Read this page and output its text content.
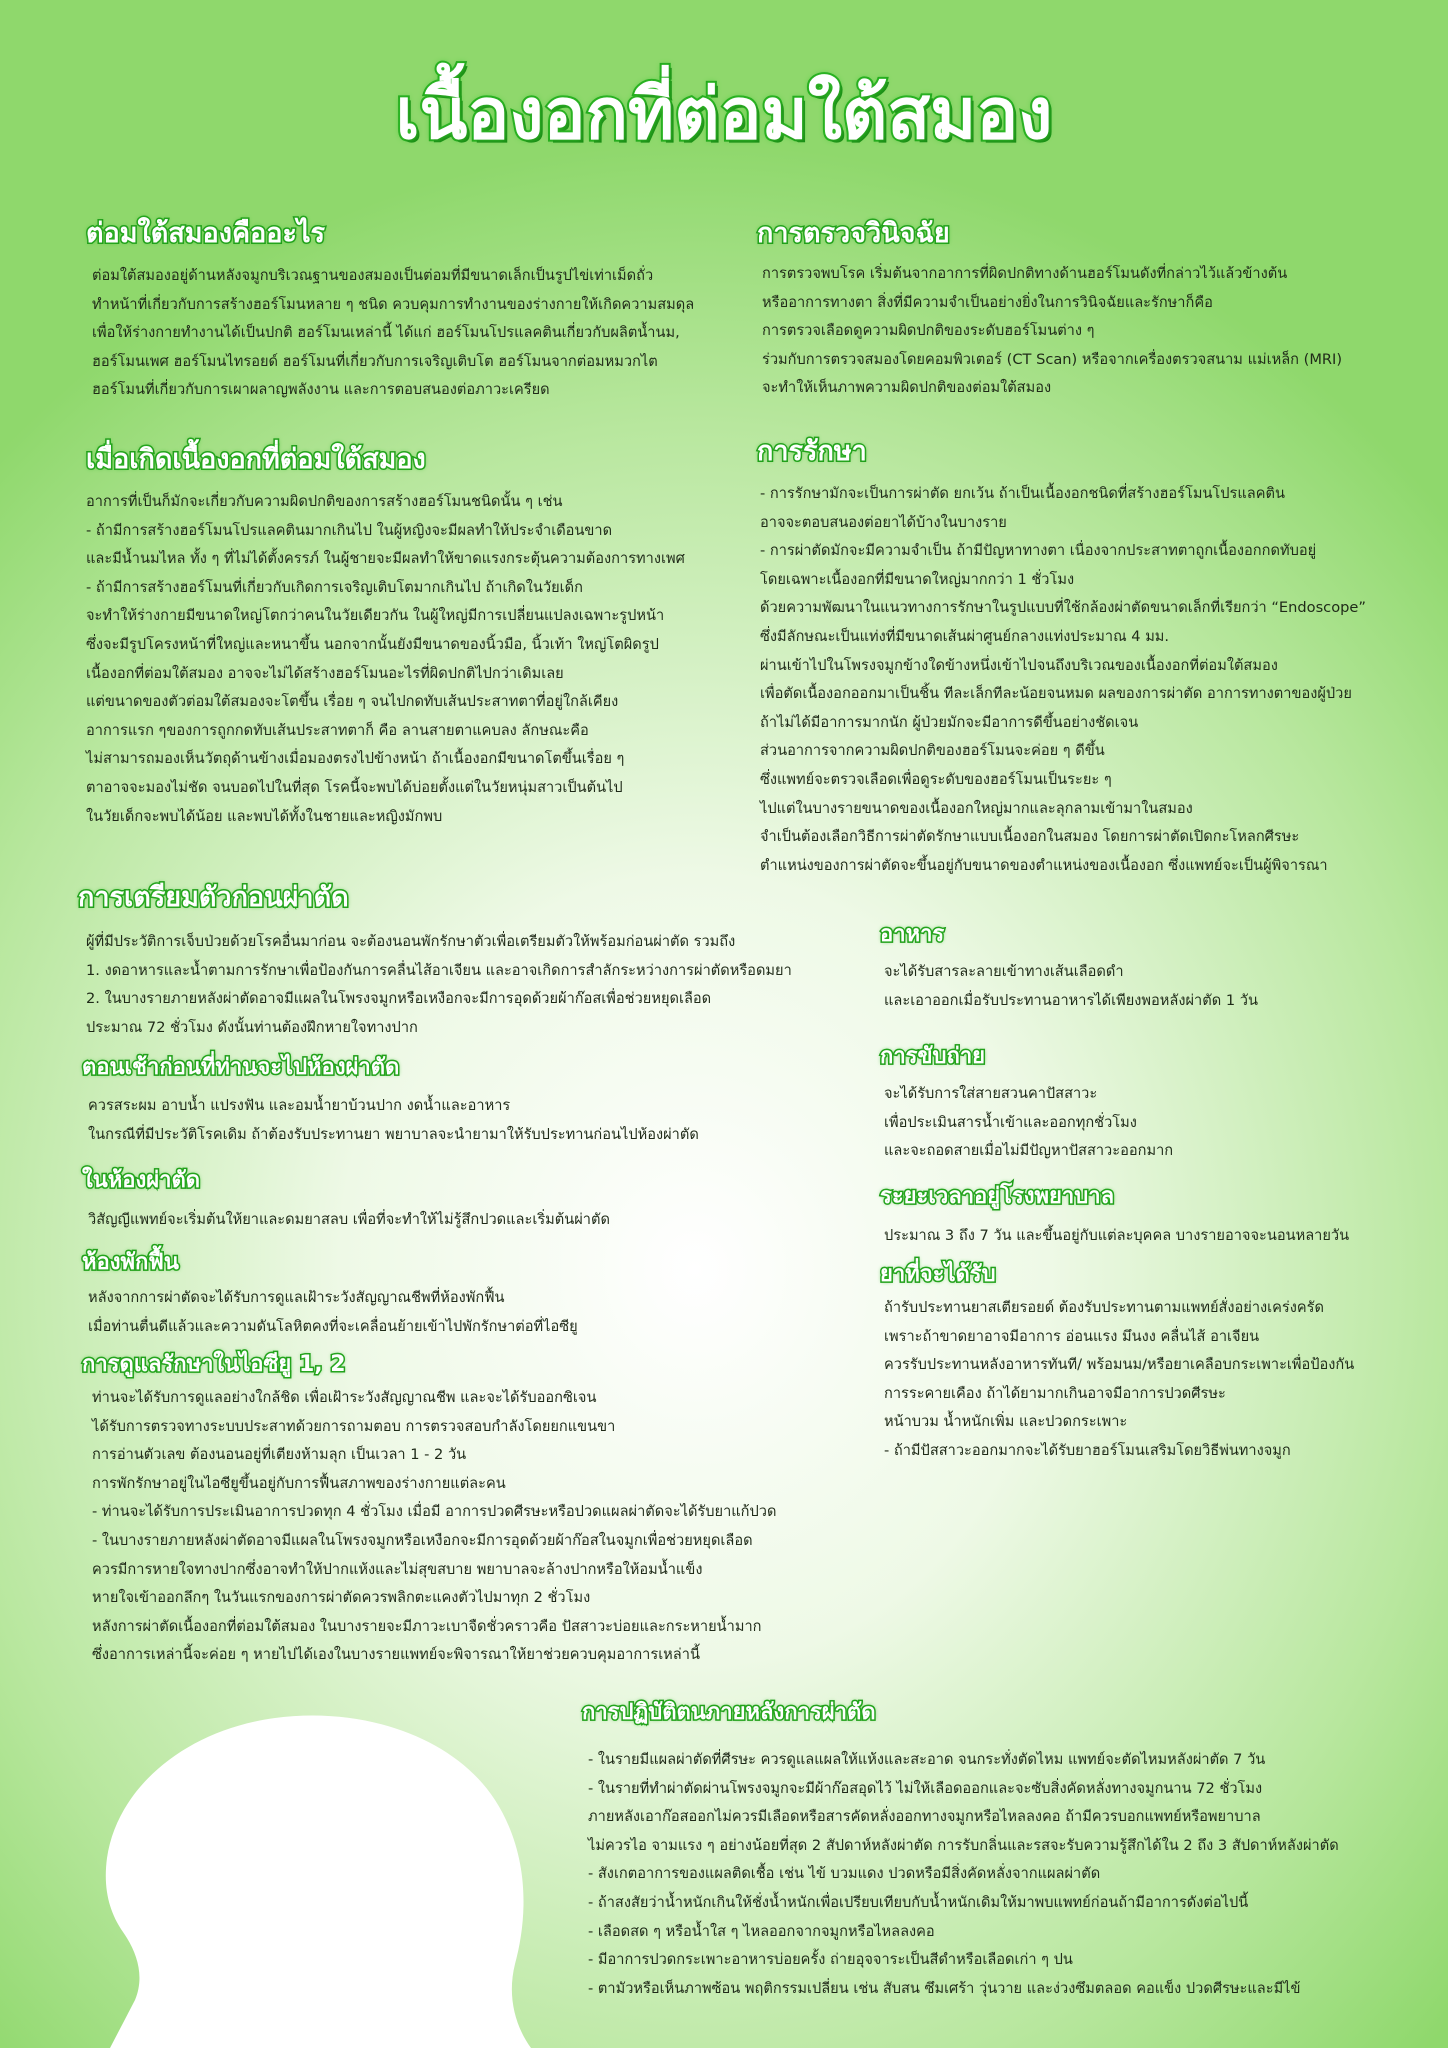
เนื้องอกที่ต่อมใต้สมอง
ต่อมใต้สมองคืออะไร
ต่อมใต้สมองอยู่ด้านหลังจมูกบริเวณฐานของสมองเป็นต่อมที่มีขนาดเล็กเป็นรูปไข่เท่าเม็ดถั่ว
ทำหน้าที่เกี่ยวกับการสร้างฮอร์โมนหลาย ๆ ชนิด ควบคุมการทำงานของร่างกายให้เกิดความสมดุล
เพื่อให้ร่างกายทำงานได้เป็นปกติ ฮอร์โมนเหล่านี้ ได้แก่ ฮอร์โมนโปรแลคตินเกี่ยวกับผลิตน้ำนม,
ฮอร์โมนเพศ ฮอร์โมนไทรอยด์ ฮอร์โมนที่เกี่ยวกับการเจริญเติบโต ฮอร์โมนจากต่อมหมวกไต
ฮอร์โมนที่เกี่ยวกับการเผาผลาญพลังงาน และการตอบสนองต่อภาวะเครียด
เมื่อเกิดเนื้องอกที่ต่อมใต้สมอง
อาการที่เป็นก็มักจะเกี่ยวกับความผิดปกติของการสร้างฮอร์โมนชนิดนั้น ๆ เช่น
- ถ้ามีการสร้างฮอร์โมนโปรแลคตินมากเกินไป ในผู้หญิงจะมีผลทำให้ประจำเดือนขาด
และมีน้ำนมไหล ทั้ง ๆ ที่ไม่ได้ตั้งครรภ์ ในผู้ชายจะมีผลทำให้ขาดแรงกระตุ้นความต้องการทางเพศ
- ถ้ามีการสร้างฮอร์โมนที่เกี่ยวกับเกิดการเจริญเติบโตมากเกินไป ถ้าเกิดในวัยเด็ก
จะทำให้ร่างกายมีขนาดใหญ่โตกว่าคนในวัยเดียวกัน ในผู้ใหญ่มีการเปลี่ยนแปลงเฉพาะรูปหน้า
ซึ่งจะมีรูปโครงหน้าที่ใหญ่และหนาขึ้น นอกจากนั้นยังมีขนาดของนิ้วมือ, นิ้วเท้า ใหญ่โตผิดรูป
เนื้องอกที่ต่อมใต้สมอง อาจจะไม่ได้สร้างฮอร์โมนอะไรที่ผิดปกติไปกว่าเดิมเลย
แต่ขนาดของตัวต่อมใต้สมองจะโตขึ้น เรื่อย ๆ จนไปกดทับเส้นประสาทตาที่อยู่ใกล้เคียง
อาการแรก ๆของการถูกกดทับเส้นประสาทตาก็ คือ ลานสายตาแคบลง ลักษณะคือ
ไม่สามารถมองเห็นวัตถุด้านข้างเมื่อมองตรงไปข้างหน้า ถ้าเนื้องอกมีขนาดโตขึ้นเรื่อย ๆ
ตาอาจจะมองไม่ชัด จนบอดไปในที่สุด โรคนี้จะพบได้บ่อยตั้งแต่ในวัยหนุ่มสาวเป็นต้นไป
ในวัยเด็กจะพบได้น้อย และพบได้ทั้งในชายและหญิงมักพบ
การตรวจวินิจฉัย
การตรวจพบโรค เริ่มต้นจากอาการที่ผิดปกติทางด้านฮอร์โมนดังที่กล่าวไว้แล้วข้างต้น
หรืออาการทางตา สิ่งที่มีความจำเป็นอย่างยิ่งในการวินิจฉัยและรักษาก็คือ
การตรวจเลือดดูความผิดปกติของระดับฮอร์โมนต่าง ๆ
ร่วมกับการตรวจสมองโดยคอมพิวเตอร์ (CT Scan) หรือจากเครื่องตรวจสนาม แม่เหล็ก (MRI)
จะทำให้เห็นภาพความผิดปกติของต่อมใต้สมอง
การรักษา
- การรักษามักจะเป็นการผ่าตัด ยกเว้น ถ้าเป็นเนื้องอกชนิดที่สร้างฮอร์โมนโปรแลคติน
อาจจะตอบสนองต่อยาได้บ้างในบางราย
- การผ่าตัดมักจะมีความจำเป็น ถ้ามีปัญหาทางตา เนื่องจากประสาทตาถูกเนื้องอกกดทับอยู่
โดยเฉพาะเนื้องอกที่มีขนาดใหญ่มากกว่า 1 ชั่วโมง
ด้วยความพัฒนาในแนวทางการรักษาในรูปแบบที่ใช้กล้องผ่าตัดขนาดเล็กที่เรียกว่า “Endoscope”
ซึ่งมีลักษณะเป็นแท่งที่มีขนาดเส้นผ่าศูนย์กลางแท่งประมาณ 4 มม.
ผ่านเข้าไปในโพรงจมูกข้างใดข้างหนึ่งเข้าไปจนถึงบริเวณของเนื้องอกที่ต่อมใต้สมอง
เพื่อตัดเนื้องอกออกมาเป็นชิ้น ทีละเล็กทีละน้อยจนหมด ผลของการผ่าตัด อาการทางตาของผู้ป่วย
ถ้าไม่ได้มีอาการมากนัก ผู้ป่วยมักจะมีอาการดีขึ้นอย่างชัดเจน
ส่วนอาการจากความผิดปกติของฮอร์โมนจะค่อย ๆ ดีขึ้น
ซึ่งแพทย์จะตรวจเลือดเพื่อดูระดับของฮอร์โมนเป็นระยะ ๆ
ไปแต่ในบางรายขนาดของเนื้องอกใหญ่มากและลุกลามเข้ามาในสมอง
จำเป็นต้องเลือกวิธีการผ่าตัดรักษาแบบเนื้องอกในสมอง โดยการผ่าตัดเปิดกะโหลกศีรษะ
ตำแหน่งของการผ่าตัดจะขึ้นอยู่กับขนาดของตำแหน่งของเนื้องอก ซึ่งแพทย์จะเป็นผู้พิจารณา
การเตรียมตัวก่อนผ่าตัด
ผู้ที่มีประวัติการเจ็บป่วยด้วยโรคอื่นมาก่อน จะต้องนอนพักรักษาตัวเพื่อเตรียมตัวให้พร้อมก่อนผ่าตัด รวมถึง
1. งดอาหารและน้ำตามการรักษาเพื่อป้องกันการคลื่นไส้อาเจียน และอาจเกิดการสำลักระหว่างการผ่าตัดหรือดมยา
2. ในบางรายภายหลังผ่าตัดอาจมีแผลในโพรงจมูกหรือเหงือกจะมีการอุดด้วยผ้าก๊อสเพื่อช่วยหยุดเลือด
ประมาณ 72 ชั่วโมง ดังนั้นท่านต้องฝึกหายใจทางปาก
ตอนเช้าก่อนที่ท่านจะไปห้องผ่าตัด
ควรสระผม อาบน้ำ แปรงฟัน และอมน้ำยาบ้วนปาก งดน้ำและอาหาร
ในกรณีที่มีประวัติโรคเดิม ถ้าต้องรับประทานยา พยาบาลจะนำยามาให้รับประทานก่อนไปห้องผ่าตัด
ในห้องผ่าตัด
วิสัญญีแพทย์จะเริ่มต้นให้ยาและดมยาสลบ เพื่อที่จะทำให้ไม่รู้สึกปวดและเริ่มต้นผ่าตัด
ห้องพักฟื้น
หลังจากการผ่าตัดจะได้รับการดูแลเฝ้าระวังสัญญาณชีพที่ห้องพักฟื้น
เมื่อท่านตื่นดีแล้วและความดันโลหิตคงที่จะเคลื่อนย้ายเข้าไปพักรักษาต่อที่ไอซียู
การดูแลรักษาในไอซียู 1, 2
ท่านจะได้รับการดูแลอย่างใกล้ชิด เพื่อเฝ้าระวังสัญญาณชีพ และจะได้รับออกซิเจน
ได้รับการตรวจทางระบบประสาทด้วยการถามตอบ การตรวจสอบกำลังโดยยกแขนขา
การอ่านตัวเลข ต้องนอนอยู่ที่เตียงห้ามลุก เป็นเวลา 1 - 2 วัน
การพักรักษาอยู่ในไอซียูขึ้นอยู่กับการฟื้นสภาพของร่างกายแต่ละคน
- ท่านจะได้รับการประเมินอาการปวดทุก 4 ชั่วโมง เมื่อมี อาการปวดศีรษะหรือปวดแผลผ่าตัดจะได้รับยาแก้ปวด
- ในบางรายภายหลังผ่าตัดอาจมีแผลในโพรงจมูกหรือเหงือกจะมีการอุดด้วยผ้าก๊อสในจมูกเพื่อช่วยหยุดเลือด
ควรมีการหายใจทางปากซึ่งอาจทำให้ปากแห้งและไม่สุขสบาย พยาบาลจะล้างปากหรือให้อมน้ำแข็ง
หายใจเข้าออกลึกๆ ในวันแรกของการผ่าตัดควรพลิกตะแคงตัวไปมาทุก 2 ชั่วโมง
หลังการผ่าตัดเนื้องอกที่ต่อมใต้สมอง ในบางรายจะมีภาวะเบาจืดชั่วคราวคือ ปัสสาวะบ่อยและกระหายน้ำมาก
ซึ่งอาการเหล่านี้จะค่อย ๆ หายไปได้เองในบางรายแพทย์จะพิจารณาให้ยาช่วยควบคุมอาการเหล่านี้
อาหาร
จะได้รับสารละลายเข้าทางเส้นเลือดดำ
และเอาออกเมื่อรับประทานอาหารได้เพียงพอหลังผ่าตัด 1 วัน
การขับถ่าย
จะได้รับการใส่สายสวนคาปัสสาวะ
เพื่อประเมินสารน้ำเข้าและออกทุกชั่วโมง
และจะถอดสายเมื่อไม่มีปัญหาปัสสาวะออกมาก
ระยะเวลาอยู่โรงพยาบาล
ประมาณ 3 ถึง 7 วัน และขึ้นอยู่กับแต่ละบุคคล บางรายอาจจะนอนหลายวัน
ยาที่จะได้รับ
ถ้ารับประทานยาสเตียรอยด์ ต้องรับประทานตามแพทย์สั่งอย่างเคร่งครัด
เพราะถ้าขาดยาอาจมีอาการ อ่อนแรง มึนงง คลื่นไส้ อาเจียน
ควรรับประทานหลังอาหารทันที/ พร้อมนม/หรือยาเคลือบกระเพาะเพื่อป้องกัน
การระคายเคือง ถ้าได้ยามากเกินอาจมีอาการปวดศีรษะ
หน้าบวม น้ำหนักเพิ่ม และปวดกระเพาะ
- ถ้ามีปัสสาวะออกมากจะได้รับยาฮอร์โมนเสริมโดยวิธีพ่นทางจมูก
การปฏิบัติตนภายหลังการผ่าตัด
- ในรายมีแผลผ่าตัดที่ศีรษะ ควรดูแลแผลให้แห้งและสะอาด จนกระทั่งตัดไหม แพทย์จะตัดไหมหลังผ่าตัด 7 วัน
- ในรายที่ทำผ่าตัดผ่านโพรงจมูกจะมีผ้าก๊อสอุดไว้ ไม่ให้เลือดออกและจะซับสิ่งคัดหลั่งทางจมูกนาน 72 ชั่วโมง
ภายหลังเอาก๊อสออกไม่ควรมีเลือดหรือสารคัดหลั่งออกทางจมูกหรือไหลลงคอ ถ้ามีควรบอกแพทย์หรือพยาบาล
ไม่ควรไอ จามแรง ๆ อย่างน้อยที่สุด 2 สัปดาห์หลังผ่าตัด การรับกลิ่นและรสจะรับความรู้สึกได้ใน 2 ถึง 3 สัปดาห์หลังผ่าตัด
- สังเกตอาการของแผลติดเชื้อ เช่น ไข้ บวมแดง ปวดหรือมีสิ่งคัดหลั่งจากแผลผ่าตัด
- ถ้าสงสัยว่าน้ำหนักเกินให้ชั่งน้ำหนักเพื่อเปรียบเทียบกับน้ำหนักเดิมให้มาพบแพทย์ก่อนถ้ามีอาการดังต่อไปนี้
- เลือดสด ๆ หรือน้ำใส ๆ ไหลออกจากจมูกหรือไหลลงคอ
- มีอาการปวดกระเพาะอาหารบ่อยครั้ง ถ่ายอุจจาระเป็นสีดำหรือเลือดเก่า ๆ ปน
- ตามัวหรือเห็นภาพซ้อน พฤติกรรมเปลี่ยน เช่น สับสน ซึมเศร้า วุ่นวาย และง่วงซึมตลอด คอแข็ง ปวดศีรษะและมีไข้
